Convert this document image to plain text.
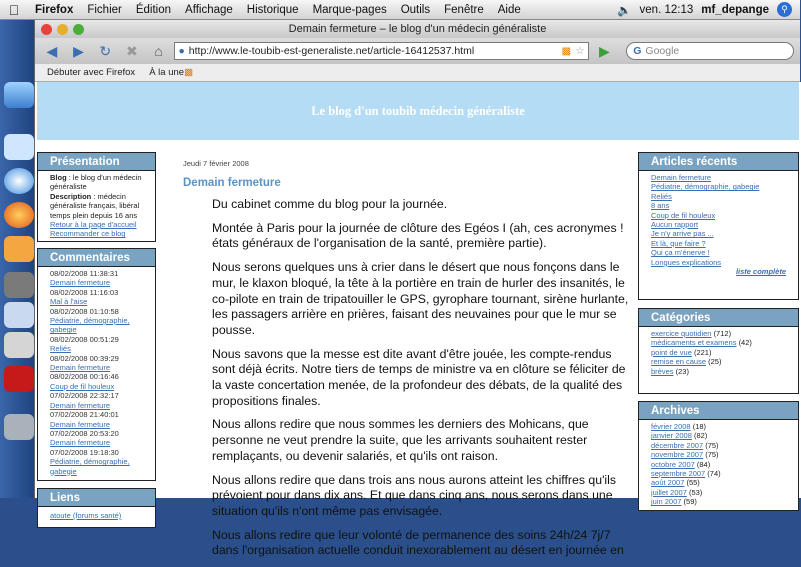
Firefox	Fichier	Édition	Affichage	Historique	Marque-pages	Outils	Fenêtre	Aide	🔈 ven. 12:13 mf_depange	⚲
Demain fermeture – le blog d'un médecin généraliste
◀	▶	↻	✖	⌂	● http://www.le-toubib-est-generaliste.net/article-16412537.html	▩ ☆	▶	G Google
Débuter avec Firefox À la une▩
Le blog d'un toubib médecin généraliste
Présentation
Blog : le blog d'un médecin généraliste
Description : médecin généraliste français, libéral temps plein depuis 16 ans
Retour à la page d'accueil
Recommander ce blog
Commentaires
08/02/2008 11:38:31
Demain fermeture
08/02/2008 11:16:03
Mal à l'aise
08/02/2008 01:10:58
Pédiatrie, démographie, gabegie
08/02/2008 00:51:29
Reliés
08/02/2008 00:39:29
Demain fermeture
08/02/2008 00:16:46
Coup de fil houleux
07/02/2008 22:32:17
Demain fermeture
07/02/2008 21:40:01
Demain fermeture
07/02/2008 20:53:20
Demain fermeture
07/02/2008 19:18:30
Pédiatrie, démographie, gabegie
Liens
atoute (forums santé)
Jeudi 7 février 2008
Demain fermeture

Du cabinet comme du blog pour la journée.

Montée à Paris pour la journée de clôture des Egéos I (ah, ces acronymes ! états généraux de l'organisation de la santé, première partie).

Nous serons quelques uns à crier dans le désert que nous fonçons dans le mur, le klaxon bloqué, la tête à la portière en train de hurler des insanités, le co-pilote en train de tripatouiller le GPS, gyrophare tournant, sirène hurlante, les passagers arrière en prières, faisant des neuvaines pour que le mur se pousse.

Nous savons que la messe est dite avant d'être jouée, les compte-rendus sont déjà écrits. Notre tiers de temps de ministre va en clôture se féliciter de la vaste concertation menée, de la profondeur des débats, de la qualité des propositions finales.

Nous allons redire que nous sommes les derniers des Mohicans, que personne ne veut prendre la suite, que les arrivants souhaitent rester remplaçants, ou devenir salariés, et qu'ils ont raison.

Nous allons redire que dans trois ans nous aurons atteint les chiffres qu'ils prévoient pour dans dix ans. Et que dans cinq ans, nous serons dans une situation qu'ils n'ont même pas envisagée.

Nous allons redire que leur volonté de permanence des soins 24h/24 7j/7 dans l'organisation actuelle conduit inexorablement au désert en journée en

Articles récents
Demain fermeture
Pédiatrie, démographie, gabegie
Reliés
8 ans
Coup de fil houleux
Aucun rapport
Je n'y arrive pas ...
Et là, que faire ?
Qui ça m'énerve !
Longues explications
liste complète
Catégories
exercice quotidien (712)
médicaments et examens (42)
point de vue (221)
remise en cause (25)
brèves (23)
Archives
février 2008 (18)
janvier 2008 (82)
décembre 2007 (75)
novembre 2007 (75)
octobre 2007 (84)
septembre 2007 (74)
août 2007 (55)
juillet 2007 (53)
juin 2007 (59)
